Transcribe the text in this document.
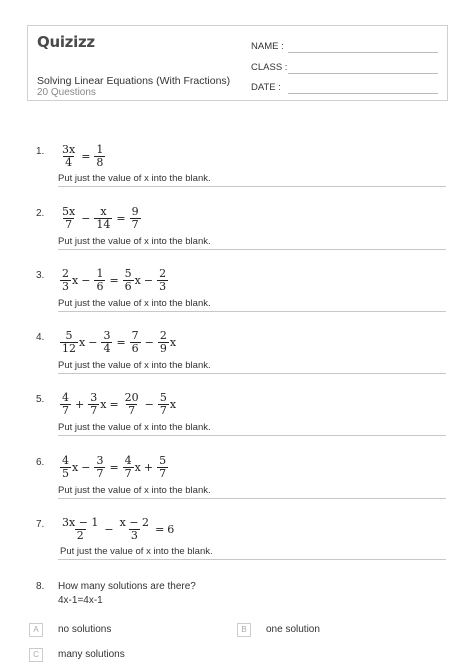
Quizizz
Solving Linear Equations (With Fractions)
20 Questions
NAME :
CLASS :
DATE :
1. $\frac{3x}{4} = \frac{1}{8}$
Put just the value of x into the blank.
2. $\frac{5x}{7} - \frac{x}{14} = \frac{9}{7}$
Put just the value of x into the blank.
3. $\frac{2}{3}$ $x - \frac{1}{6} = \frac{5}{6}$ $x - \frac{2}{3}$
Put just the value of x into the blank.
4. $\frac{5}{12}$ $x - \frac{3}{4} = \frac{7}{6} - \frac{2}{9}$ x
Put just the value of x into the blank.
5. $\frac{4}{7} + \frac{3}{7}$ $x = \frac{20}{7} - \frac{5}{7}$ x
Put just the value of x into the blank.
6. $\frac{4}{5}$ $x - \frac{3}{7} = \frac{4}{7}$ $x + \frac{5}{7}$
Put just the value of x into the blank.
7. $\frac{3x - 1}{2} - \frac{x - 2}{3} = 6$
Put just the value of x into the blank.
8. How many solutions are there?
4x-1=4x-1
A	no solutions	B	one solution
C	many solutions
